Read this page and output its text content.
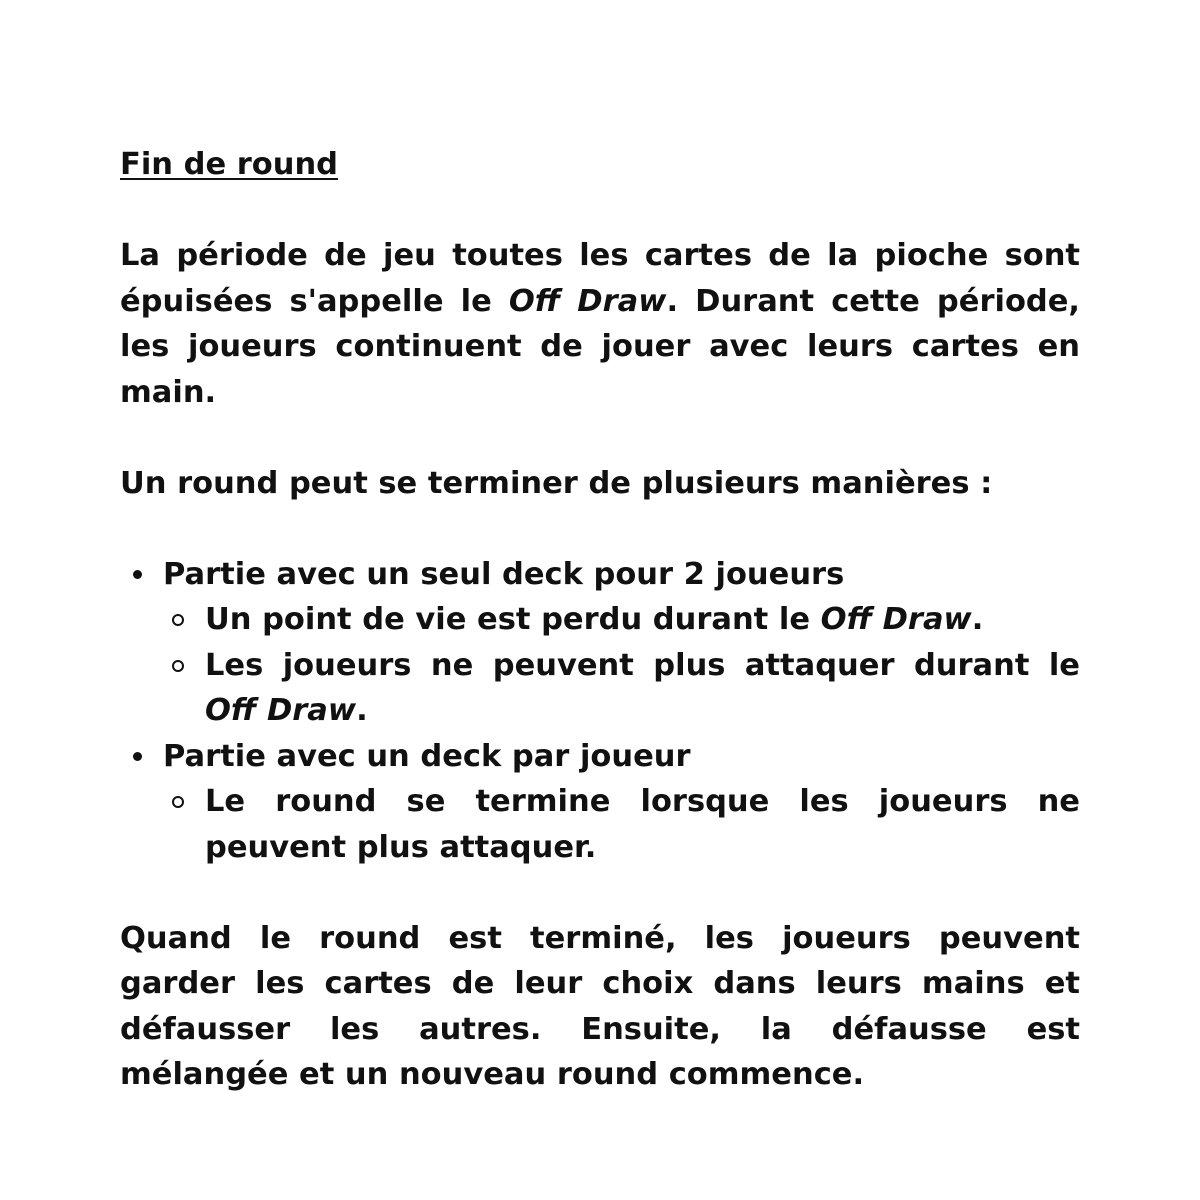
Fin de round

La période de jeu toutes les cartes de la pioche sont épuisées s'appelle le Off Draw. Durant cette période, les joueurs continuent de jouer avec leurs cartes en main.

Un round peut se terminer de plusieurs manières :

Partie avec un seul deck pour 2 joueurs
Un point de vie est perdu durant le Off Draw.
Les joueurs ne peuvent plus attaquer durant le Off Draw.
Partie avec un deck par joueur
Le round se termine lorsque les joueurs ne peuvent plus attaquer.

Quand le round est terminé, les joueurs peuvent garder les cartes de leur choix dans leurs mains et défausser les autres. Ensuite, la défausse est mélangée et un nouveau round commence.
